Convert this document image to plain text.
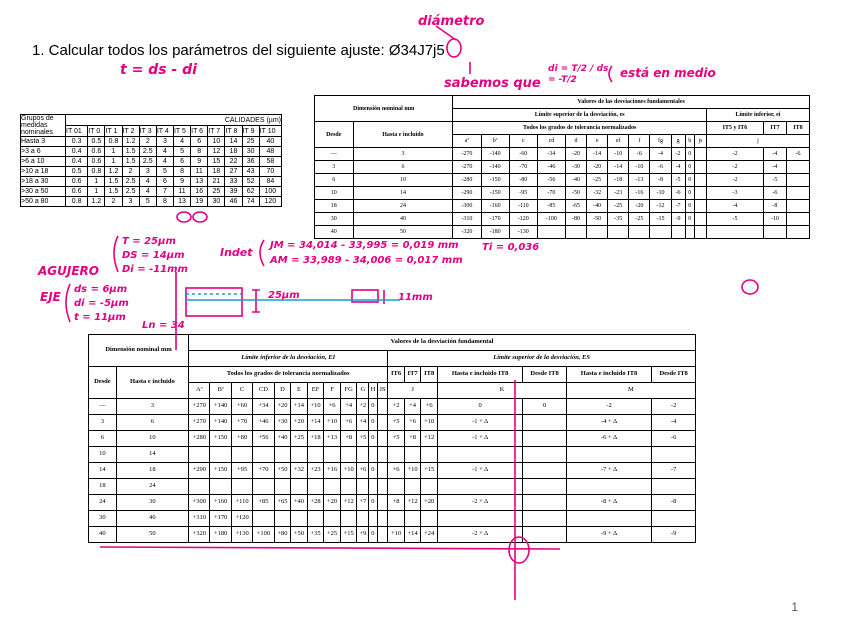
1. Calcular todos los parámetros del siguiente ajuste: Ø34J7j5
diámetro
t = ds - di
sabemos que
di = T/2 / ds = -T/2	está en medio
AGUJERO
T = 25µm
DS = 14µm
Di = -11mm
EJE
ds = 6µm
di = -5µm
t = 11µm
Indet
JM = 34,014 - 33,995 = 0,019 mm
AM = 33,989 - 34,006 = 0,017 mm
Ti = 0,036
25µm	11mm
Ln = 34
Grupos de medidas nominales	CALIDADES (µm)											
	IT 01	IT 0	IT 1	IT 2	IT 3	IT 4	IT 5	IT 6	IT 7	IT 8	IT 9	IT 10
Hasta 3	0.3	0.5	0.8	1.2	2	3	4	6	10	14	25	40
>3 a 6	0.4	0.6	1	1.5	2.5	4	5	8	12	18	30	48
>6 a 10	0.4	0.6	1	1.5	2.5	4	6	9	15	22	36	58
>10 a 18	0.5	0.8	1.2	2	3	5	8	11	18	27	43	70
>18 a 30	0.6	1	1.5	2.5	4	6	9	13	21	33	52	84
>30 a 50	0.6	1	1.5	2.5	4	7	11	16	25	39	62	100
>50 a 80	0.8	1.2	2	3	5	8	13	19	30	46	74	120
Dimensión nominal mm		Valores de las desviaciones fundamentales														
		Límite superior de la desviación, es												Límite inferior, ei		
Desde	Hasta e incluido	Todos los grados de tolerancia normalizados												IT5 y IT6	IT7	IT8
		aª	bª	c	cd	d	e	ef	f	fg	g	h	js	j		

—	3	-270	-140	-60	-34	-20	-14	-10	-6	-4	-2	0		-2	-4	-6
3	6	-270	-140	-70	-46	-30	-20	-14	-10	-6	-4	0		-2	-4	
6	10	-280	-150	-80	-56	-40	-25	-18	-13	-8	-5	0		-2	-5	
10	14	-290	-150	-95	-70	-50	-32	-23	-16	-10	-6	0		-3	-6	
18	24	-300	-160	-110	-85	-65	-40	-25	-20	-12	-7	0		-4	-8	
30	40	-310	-170	-120	-100	-80	-50	-35	-25	-15	-9	0		-5	-10	
40	50	-320	-180	-130												
Dimensión nominal mm		Valores de la desviación fundamental																		
		Límite inferior de la desviación, EI												Límite superior de la desviación, ES						
Desde	Hasta e incluido	Todos los grados de tolerancia normalizados												IT6	IT7	IT8	Hasta e incluido IT8	Desde IT8	Hasta e incluido IT8	Desde IT8
		Aª	Bª	C	CD	D	E	EF	F	FG	G	H	JS	J			K		M	
—	3	+270	+140	+60	+34	+20	+14	+10	+6	+4	+2	0		+2	+4	+6	0	0	-2	-2
3	6	+270	+140	+70	+46	+30	+20	+14	+10	+6	+4	0		+5	+6	+10	-1 + Δ		-4 + Δ	-4
6	10	+280	+150	+80	+56	+40	+25	+18	+13	+8	+5	0		+5	+8	+12	-1 + Δ		-6 + Δ	-6
10	14																			
14	18	+290	+150	+95	+70	+50	+32	+23	+16	+10	+6	0		+6	+10	+15	-1 + Δ		-7 + Δ	-7
18	24																			
24	30	+300	+160	+110	+85	+65	+40	+28	+20	+12	+7	0		+8	+12	+20	-2 + Δ		-8 + Δ	-8
30	40	+310	+170	+120																
40	50	+320	+180	+130	+100	+80	+50	+35	+25	+15	+9	0		+10	+14	+24	-2 + Δ		-9 + Δ	-9
1
